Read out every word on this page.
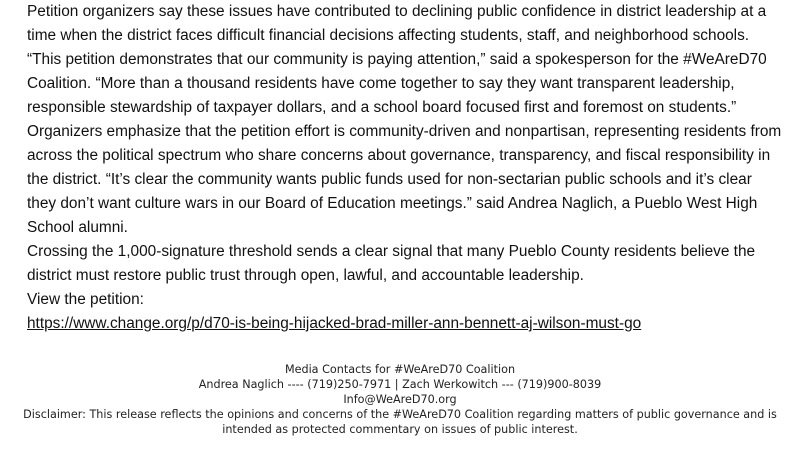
Petition organizers say these issues have contributed to declining public confidence in district leadership at a time when the district faces difficult financial decisions affecting students, staff, and neighborhood schools. “This petition demonstrates that our community is paying attention,” said a spokesperson for the #WeAreD70 Coalition. “More than a thousand residents have come together to say they want transparent leadership, responsible stewardship of taxpayer dollars, and a school board focused first and foremost on students.”

Organizers emphasize that the petition effort is community-driven and nonpartisan, representing residents from across the political spectrum who share concerns about governance, transparency, and fiscal responsibility in the district. “It’s clear the community wants public funds used for non-sectarian public schools and it’s clear they don’t want culture wars in our Board of Education meetings.” said Andrea Naglich, a Pueblo West High School alumni.

Crossing the 1,000-signature threshold sends a clear signal that many Pueblo County residents believe the district must restore public trust through open, lawful, and accountable leadership.

View the petition:

https://www.change.org/p/d70-is-being-hijacked-brad-miller-ann-bennett-aj-wilson-must-go

Media Contacts for #WeAreD70 Coalition
Andrea Naglich ---- (719)250-7971 | Zach Werkowitch --- (719)900-8039
Info@WeAreD70.org
Disclaimer: This release reflects the opinions and concerns of the #WeAreD70 Coalition regarding matters of public governance and is intended as protected commentary on issues of public interest.
